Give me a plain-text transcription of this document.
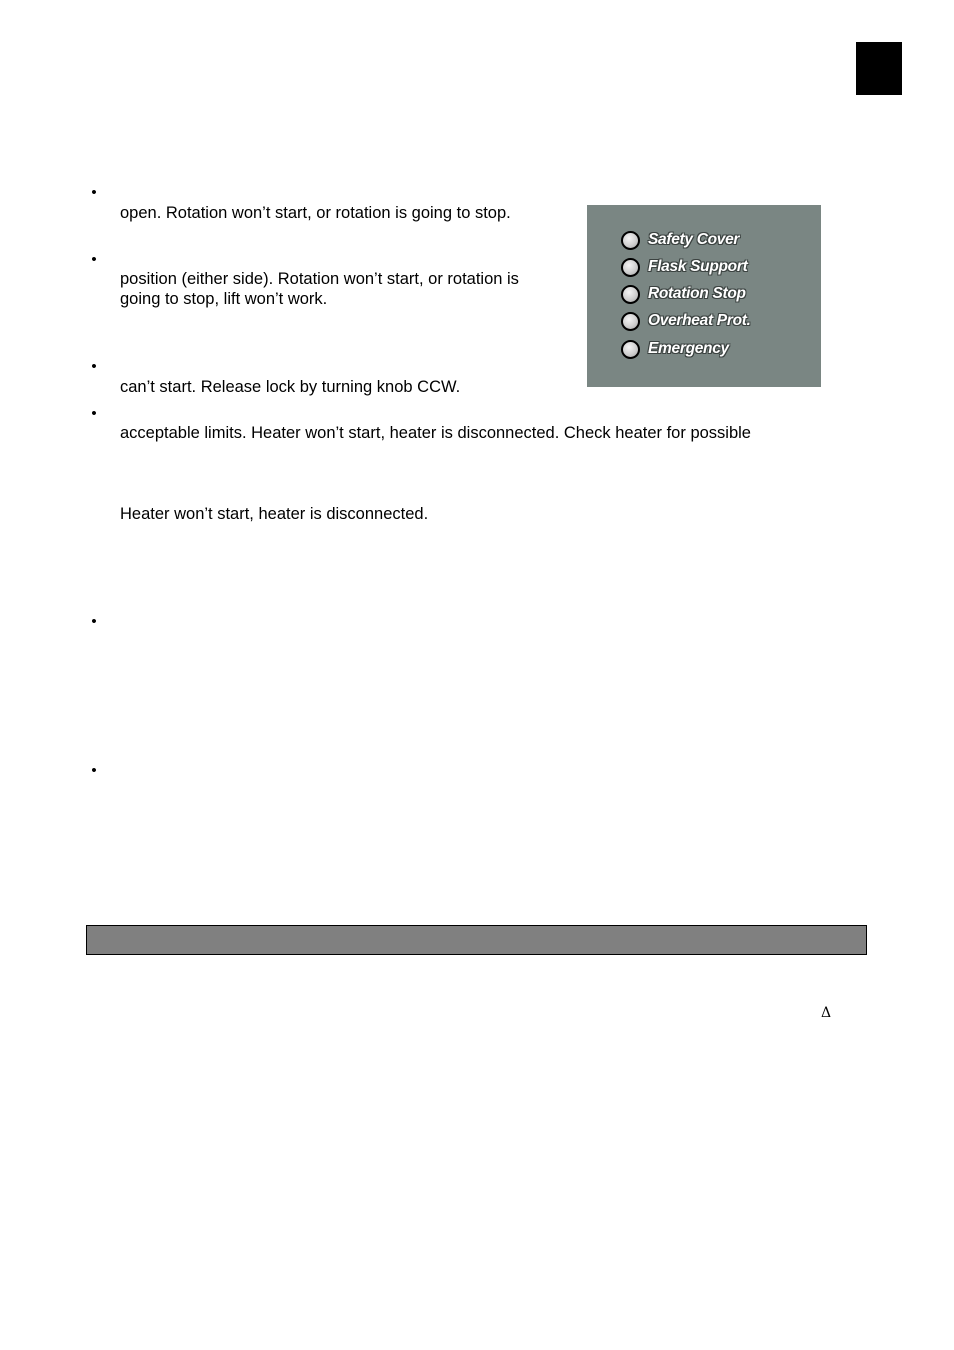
•
•
•
•
•
•
open. Rotation won’t start, or rotation is going to stop.
position (either side). Rotation won’t start, or rotation is
going to stop, lift won’t work.
can’t start. Release lock by turning knob CCW.
acceptable limits. Heater won’t start, heater is disconnected. Check heater for possible
Heater won’t start, heater is disconnected.
Safety Cover
Flask Support
Rotation Stop
Overheat Prot.
Emergency
Δ
